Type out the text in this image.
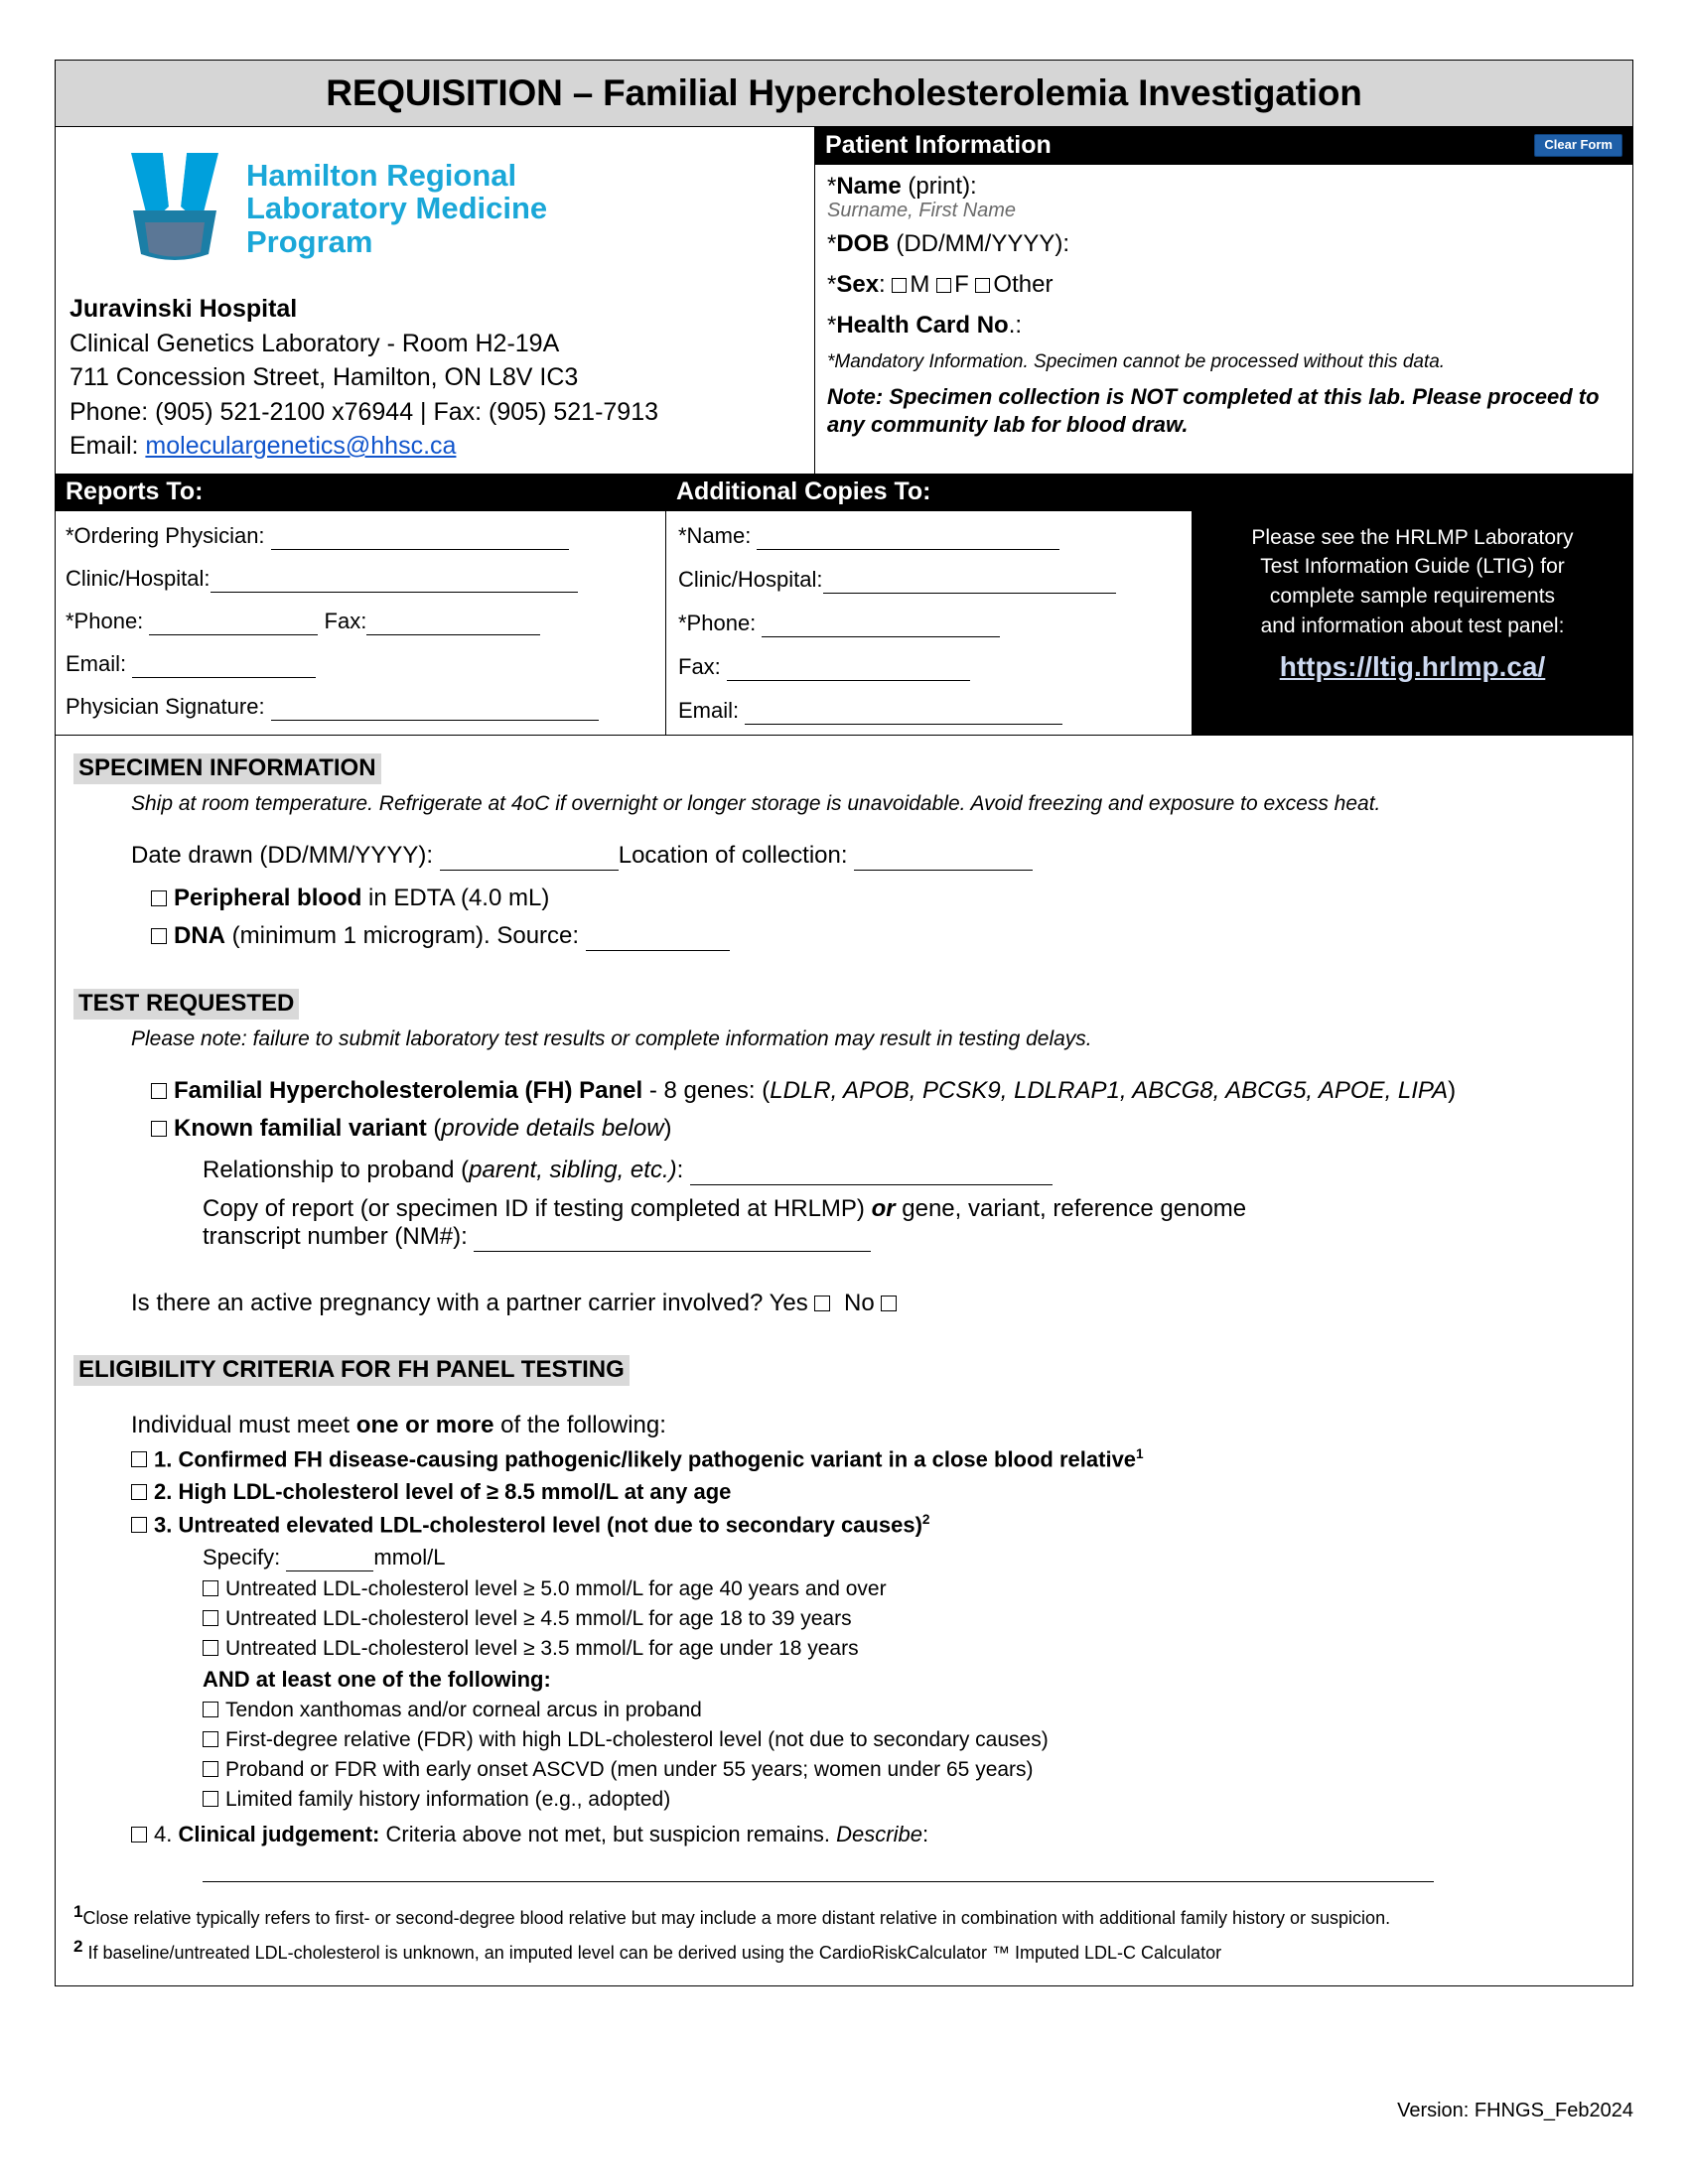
REQUISITION – Familial Hypercholesterolemia Investigation
Hamilton Regional
Laboratory Medicine
Program
Juravinski Hospital
Clinical Genetics Laboratory - Room H2-19A
711 Concession Street, Hamilton, ON L8V IC3
Phone: (905) 521-2100 x76944 | Fax: (905) 521-7913
Email: moleculargenetics@hhsc.ca
Patient Information	Clear Form
*Name (print):
Surname, First Name
*DOB (DD/MM/YYYY):
*Sex: M F Other
*Health Card No.:
*Mandatory Information. Specimen cannot be processed without this data.
Note: Specimen collection is NOT completed at this lab. Please proceed to any community lab for blood draw.
Reports To:	Additional Copies To:
*Ordering Physician:
Clinic/Hospital:
*Phone:	Fax:
Email:
Physician Signature:
*Name:
Clinic/Hospital:
*Phone:
Fax:
Email:
Please see the HRLMP Laboratory
Test Information Guide (LTIG) for
complete sample requirements
and information about test panel:
https://ltig.hrlmp.ca/
SPECIMEN INFORMATION
Ship at room temperature. Refrigerate at 4oC if overnight or longer storage is unavoidable. Avoid freezing and exposure to excess heat.
Date drawn (DD/MM/YYYY):	Location of collection:
Peripheral blood in EDTA (4.0 mL)
DNA (minimum 1 microgram). Source:
TEST REQUESTED
Please note: failure to submit laboratory test results or complete information may result in testing delays.
Familial Hypercholesterolemia (FH) Panel - 8 genes: (LDLR, APOB, PCSK9, LDLRAP1, ABCG8, ABCG5, APOE, LIPA)
Known familial variant (provide details below)
Relationship to proband (parent, sibling, etc.):
Copy of report (or specimen ID if testing completed at HRLMP) or gene, variant, reference genome
transcript number (NM#):
Is there an active pregnancy with a partner carrier involved? Yes  No
ELIGIBILITY CRITERIA FOR FH PANEL TESTING
Individual must meet one or more of the following:
1. Confirmed FH disease-causing pathogenic/likely pathogenic variant in a close blood relative$^1$
2. High LDL-cholesterol level of ≥ 8.5 mmol/L at any age
3. Untreated elevated LDL-cholesterol level (not due to secondary causes)$^2$
Specify:	mmol/L
Untreated LDL-cholesterol level ≥ 5.0 mmol/L for age 40 years and over
Untreated LDL-cholesterol level ≥ 4.5 mmol/L for age 18 to 39 years
Untreated LDL-cholesterol level ≥ 3.5 mmol/L for age under 18 years
AND at least one of the following:
Tendon xanthomas and/or corneal arcus in proband
First-degree relative (FDR) with high LDL-cholesterol level (not due to secondary causes)
Proband or FDR with early onset ASCVD (men under 55 years; women under 65 years)
Limited family history information (e.g., adopted)
4. Clinical judgement: Criteria above not met, but suspicion remains. Describe:

1Close relative typically refers to first- or second-degree blood relative but may include a more distant relative in combination with additional family history or suspicion.
2 If baseline/untreated LDL-cholesterol is unknown, an imputed level can be derived using the CardioRiskCalculator ™ Imputed LDL-C Calculator
Version: FHNGS_Feb2024
